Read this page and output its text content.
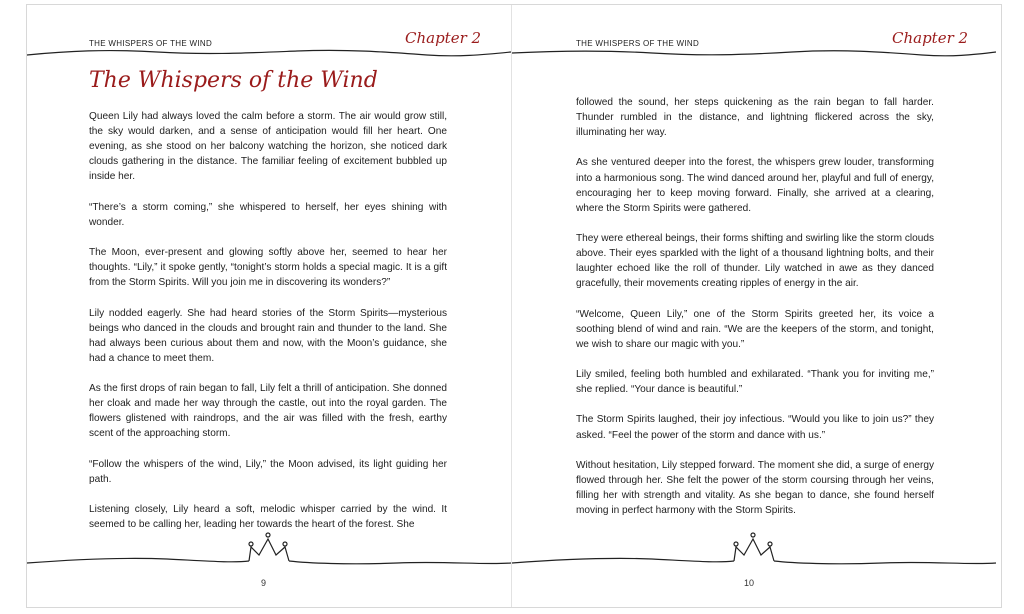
THE WHISPERS OF THE WIND	Chapter 2
The Whispers of the Wind

Queen Lily had always loved the calm before a storm. The air would grow still, the sky would darken, and a sense of anticipation would fill her heart. One evening, as she stood on her balcony watching the horizon, she noticed dark clouds gathering in the distance. The familiar feeling of excitement bubbled up inside her.

“There’s a storm coming,” she whispered to herself, her eyes shining with wonder.

The Moon, ever-present and glowing softly above her, seemed to hear her thoughts. “Lily,” it spoke gently, “tonight’s storm holds a special magic. It is a gift from the Storm Spirits. Will you join me in discovering its wonders?”

Lily nodded eagerly. She had heard stories of the Storm Spirits—mysterious beings who danced in the clouds and brought rain and thunder to the land. She had always been curious about them and now, with the Moon’s guidance, she had a chance to meet them.

As the first drops of rain began to fall, Lily felt a thrill of anticipation. She donned her cloak and made her way through the castle, out into the royal garden. The flowers glistened with raindrops, and the air was filled with the fresh, earthy scent of the approaching storm.

“Follow the whispers of the wind, Lily,” the Moon advised, its light guiding her path.

Listening closely, Lily heard a soft, melodic whisper carried by the wind. It seemed to be calling her, leading her towards the heart of the forest. She

9
THE WHISPERS OF THE WIND	Chapter 2

followed the sound, her steps quickening as the rain began to fall harder. Thunder rumbled in the distance, and lightning flickered across the sky, illuminating her way.

As she ventured deeper into the forest, the whispers grew louder, transforming into a harmonious song. The wind danced around her, playful and full of energy, encouraging her to keep moving forward. Finally, she arrived at a clearing, where the Storm Spirits were gathered.

They were ethereal beings, their forms shifting and swirling like the storm clouds above. Their eyes sparkled with the light of a thousand lightning bolts, and their laughter echoed like the roll of thunder. Lily watched in awe as they danced gracefully, their movements creating ripples of energy in the air.

“Welcome, Queen Lily,” one of the Storm Spirits greeted her, its voice a soothing blend of wind and rain. “We are the keepers of the storm, and tonight, we wish to share our magic with you.”

Lily smiled, feeling both humbled and exhilarated. “Thank you for inviting me,” she replied. “Your dance is beautiful.”

The Storm Spirits laughed, their joy infectious. “Would you like to join us?” they asked. “Feel the power of the storm and dance with us.”

Without hesitation, Lily stepped forward. The moment she did, a surge of energy flowed through her. She felt the power of the storm coursing through her veins, filling her with strength and vitality. As she began to dance, she found herself moving in perfect harmony with the Storm Spirits.

10
